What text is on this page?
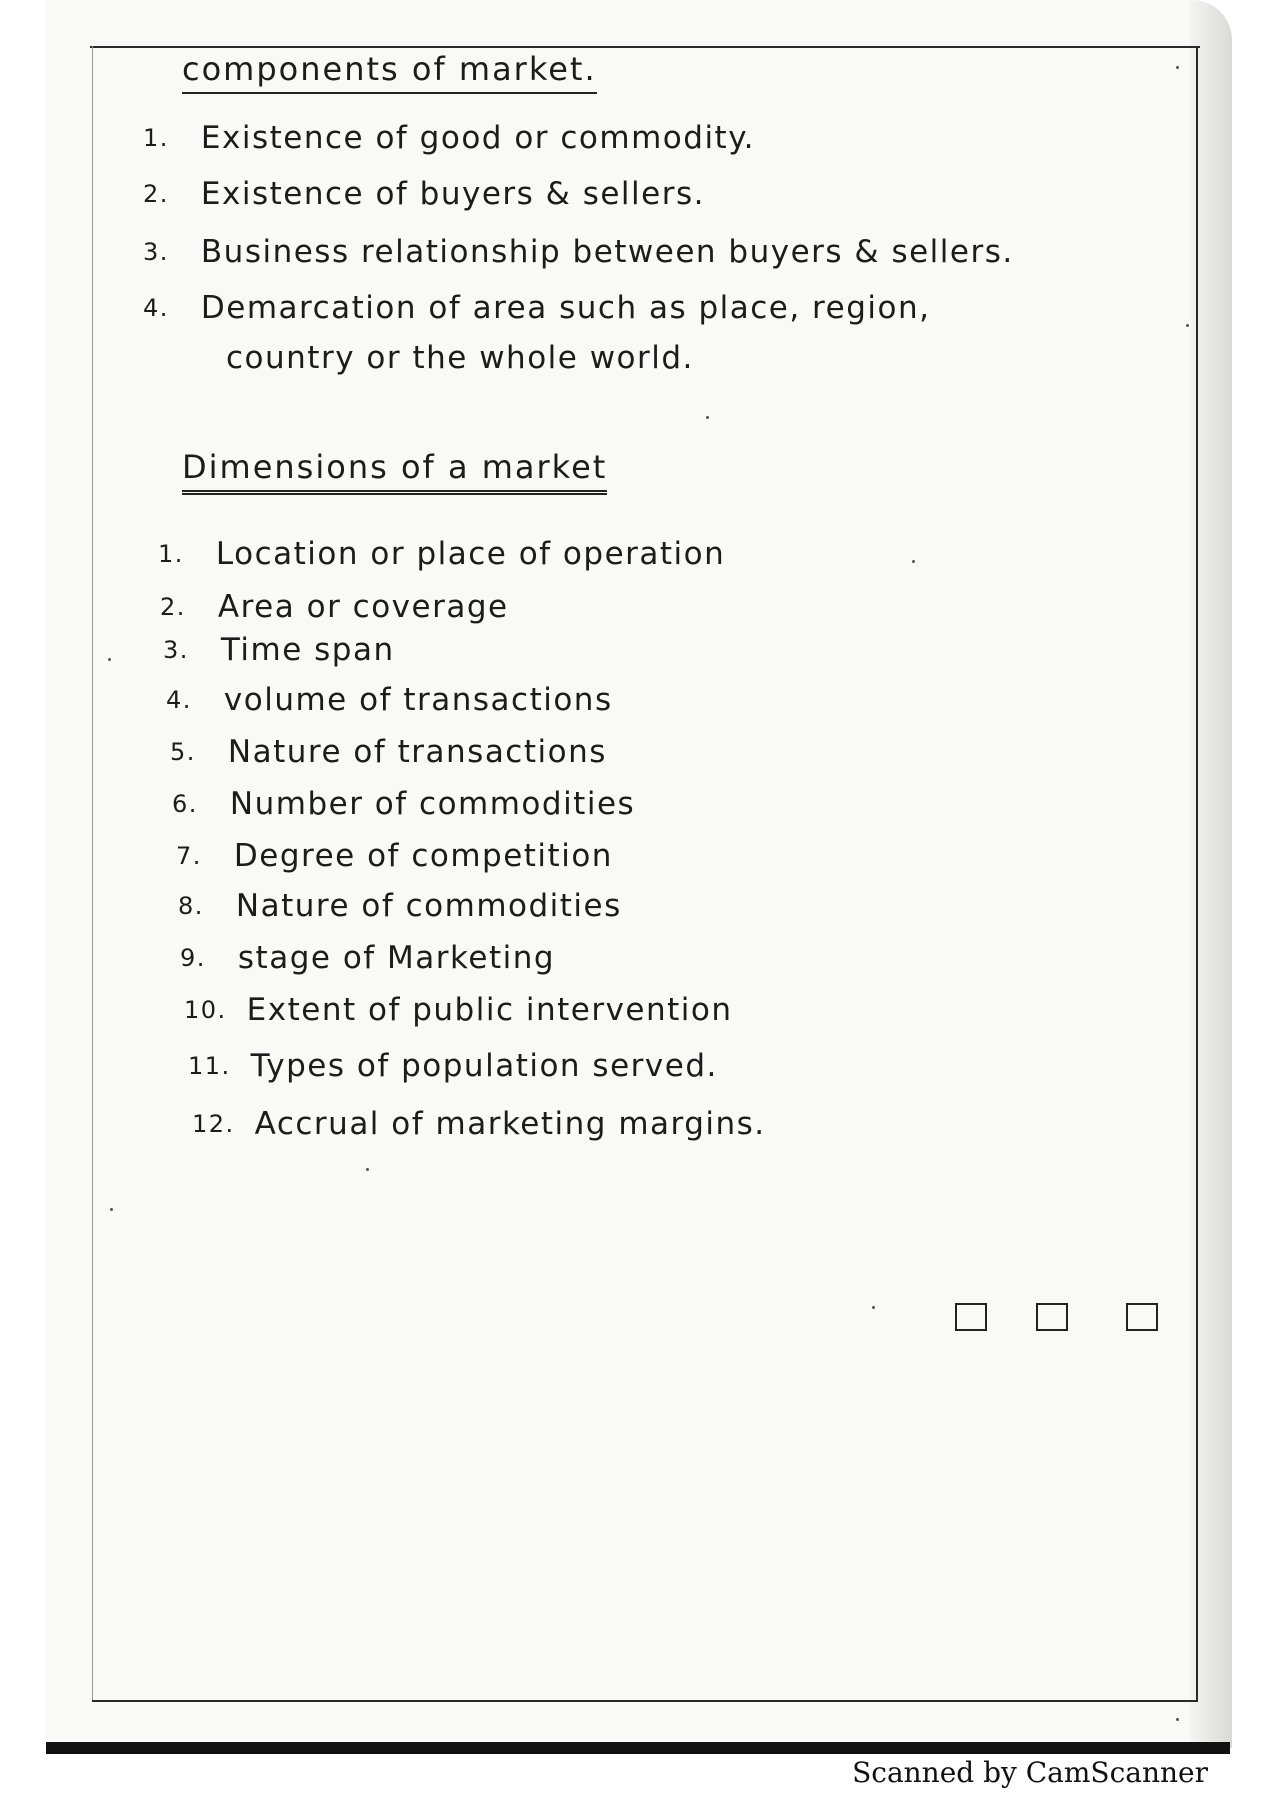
components of market.
1. Existence of good or commodity.
2. Existence of buyers & sellers.
3. Business relationship between buyers & sellers.
4. Demarcation of area such as place, region,
country or the whole world.
Dimensions of a market
1. Location or place of operation
2. Area or coverage
3. Time span
4. volume of transactions
5. Nature of transactions
6. Number of commodities
7. Degree of competition
8. Nature of commodities
9. stage of Marketing
10. Extent of public intervention
11. Types of population served.
12. Accrual of marketing margins.
Scanned by CamScanner
